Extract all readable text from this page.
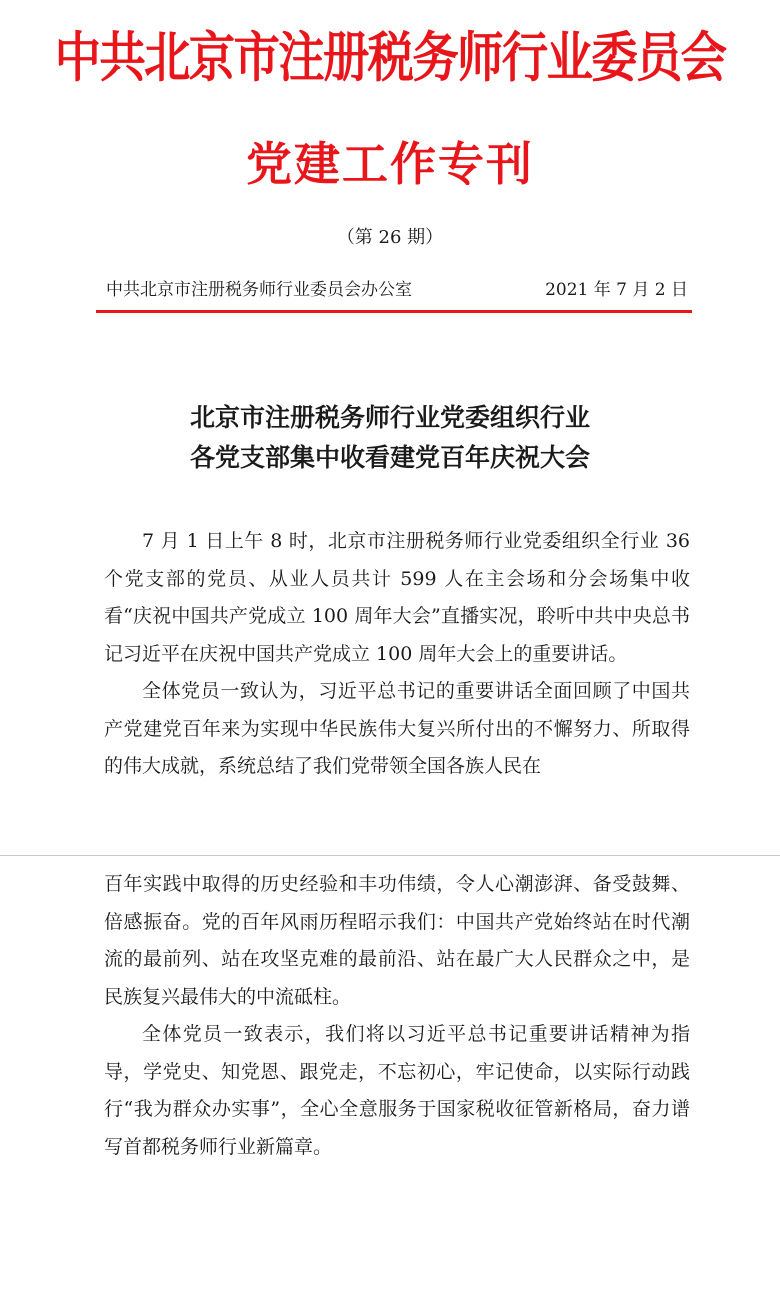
中共北京市注册税务师行业委员会
党建工作专刊
（第 26 期）
中共北京市注册税务师行业委员会办公室	2021 年 7 月 2 日
北京市注册税务师行业党委组织行业
各党支部集中收看建党百年庆祝大会

7 月 1 日上午 8 时，北京市注册税务师行业党委组织全行业 36 个党支部的党员、从业人员共计 599 人在主会场和分会场集中收看“庆祝中国共产党成立 100 周年大会”直播实况，聆听中共中央总书记习近平在庆祝中国共产党成立 100 周年大会上的重要讲话。

全体党员一致认为，习近平总书记的重要讲话全面回顾了中国共产党建党百年来为实现中华民族伟大复兴所付出的不懈努力、所取得的伟大成就，系统总结了我们党带领全国各族人民在

百年实践中取得的历史经验和丰功伟绩，令人心潮澎湃、备受鼓舞、倍感振奋。党的百年风雨历程昭示我们：中国共产党始终站在时代潮流的最前列、站在攻坚克难的最前沿、站在最广大人民群众之中，是民族复兴最伟大的中流砥柱。

全体党员一致表示，我们将以习近平总书记重要讲话精神为指导，学党史、知党恩、跟党走，不忘初心，牢记使命，以实际行动践行“我为群众办实事”，全心全意服务于国家税收征管新格局，奋力谱写首都税务师行业新篇章。
